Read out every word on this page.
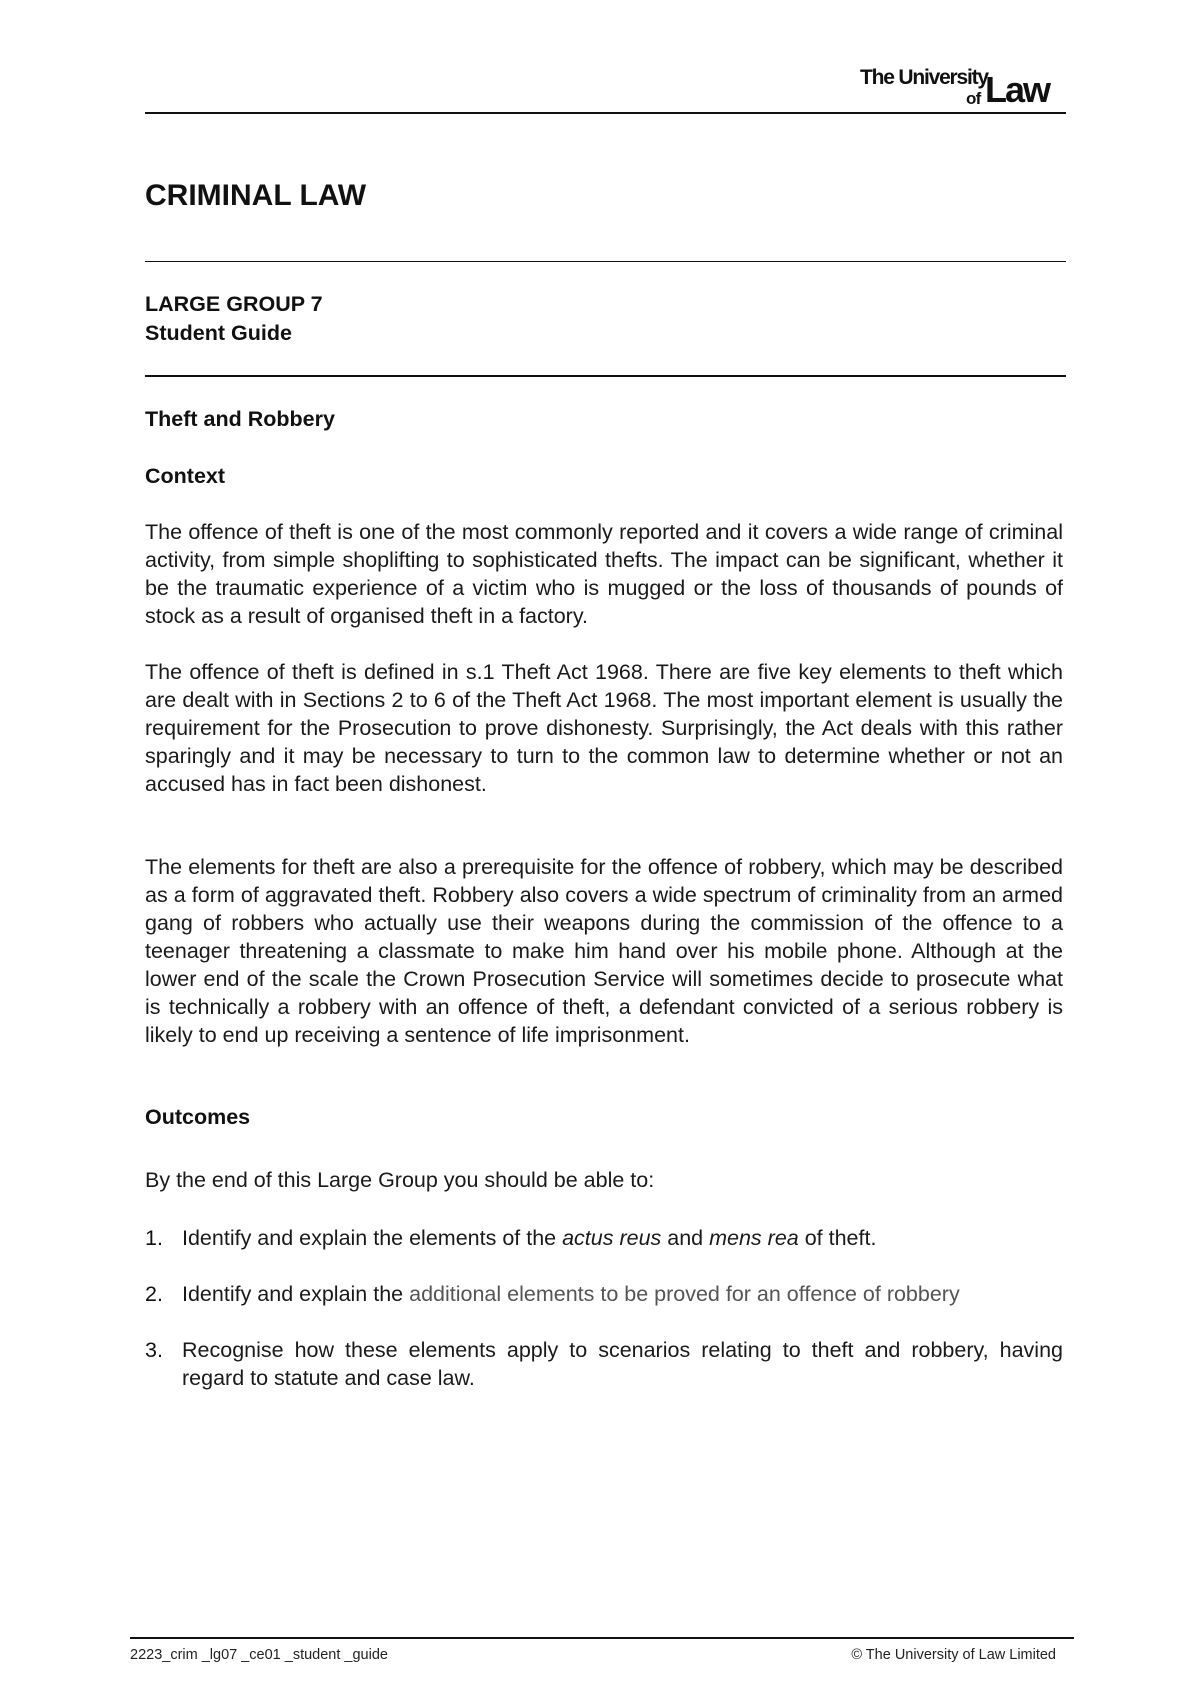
The University
of Law
CRIMINAL LAW
LARGE GROUP 7
Student Guide
Theft and Robbery
Context
The offence of theft is one of the most commonly reported and it covers a wide range of criminal activity, from simple shoplifting to sophisticated thefts. The impact can be significant, whether it be the traumatic experience of a victim who is mugged or the loss of thousands of pounds of stock as a result of organised theft in a factory.
The offence of theft is defined in s.1 Theft Act 1968. There are five key elements to theft which are dealt with in Sections 2 to 6 of the Theft Act 1968. The most important element is usually the requirement for the Prosecution to prove dishonesty. Surprisingly, the Act deals with this rather sparingly and it may be necessary to turn to the common law to determine whether or not an accused has in fact been dishonest.
The elements for theft are also a prerequisite for the offence of robbery, which may be described as a form of aggravated theft. Robbery also covers a wide spectrum of criminality from an armed gang of robbers who actually use their weapons during the commission of the offence to a teenager threatening a classmate to make him hand over his mobile phone. Although at the lower end of the scale the Crown Prosecution Service will sometimes decide to prosecute what is technically a robbery with an offence of theft, a defendant convicted of a serious robbery is likely to end up receiving a sentence of life imprisonment.
Outcomes
By the end of this Large Group you should be able to:
1. Identify and explain the elements of the actus reus and mens rea of theft.
2. Identify and explain the additional elements to be proved for an offence of robbery
3. Recognise how these elements apply to scenarios relating to theft and robbery, having regard to statute and case law.
2223_crim _lg07 _ce01 _student _guide	© The University of Law Limited
